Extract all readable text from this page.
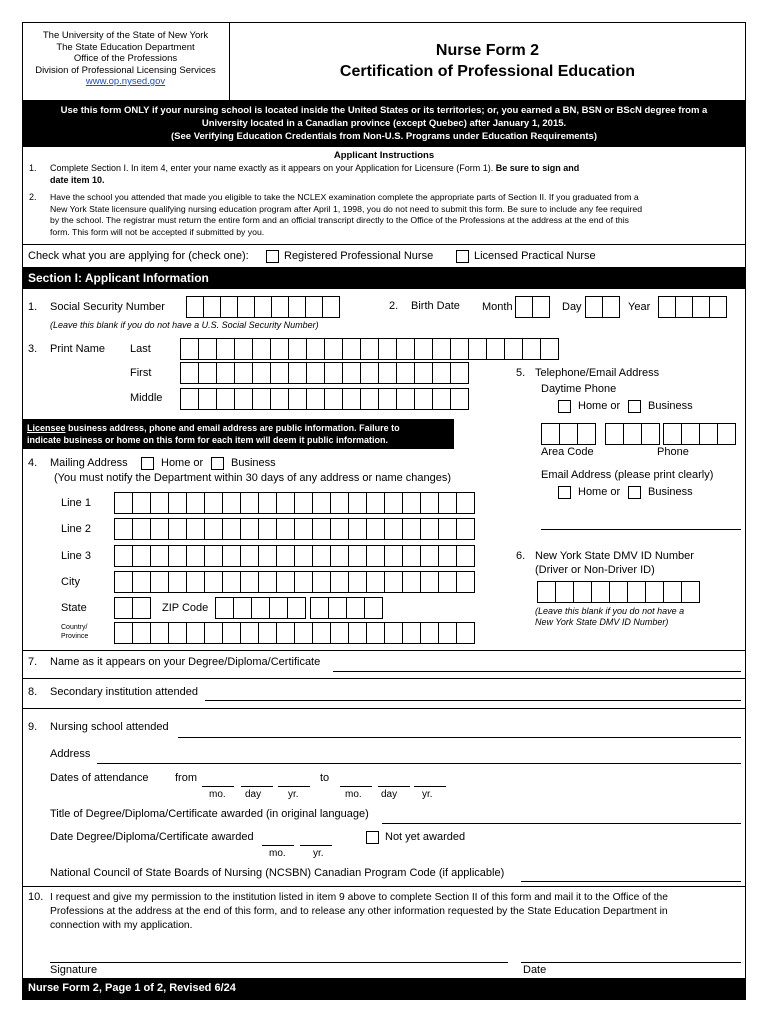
The University of the State of New York
The State Education Department
Office of the Professions
Division of Professional Licensing Services
www.op.nysed.gov
Nurse Form 2
Certification of Professional Education
Use this form ONLY if your nursing school is located inside the United States or its territories; or, you earned a BN, BSN or BScN degree from a
University located in a Canadian province (except Quebec) after January 1, 2015.
(See Verifying Education Credentials from Non-U.S. Programs under Education Requirements)
Applicant Instructions
1. Complete Section I. In item 4, enter your name exactly as it appears on your Application for Licensure (Form 1). Be sure to sign and
date item 10.
2. Have the school you attended that made you eligible to take the NCLEX examination complete the appropriate parts of Section II. If you graduated from a
New York State licensure qualifying nursing education program after April 1, 1998, you do not need to submit this form. Be sure to include any fee required
by the school. The registrar must return the entire form and an official transcript directly to the Office of the Professions at the address at the end of this
form. This form will not be accepted if submitted by you.
Check what you are applying for (check one):	Registered Professional Nurse	Licensed Practical Nurse
Section I: Applicant Information
1. Social Security Number
(Leave this blank if you do not have a U.S. Social Security Number)
2. Birth Date Month	Day	Year
3. Print Name Last
First
Middle
Licensee business address, phone and email address are public information. Failure to
indicate business or home on this form for each item will deem it public information.
4. Mailing Address	Home or	Business
(You must notify the Department within 30 days of any address or name changes)
Line 1
Line 2
Line 3
City
State	ZIP Code
Country/
Province
5. Telephone/Email Address
Daytime Phone
Home or	Business
Area Code	Phone
Email Address (please print clearly)
Home or	Business
6. New York State DMV ID Number
(Driver or Non-Driver ID)
(Leave this blank if you do not have a
New York State DMV ID Number)
7. Name as it appears on your Degree/Diploma/Certificate
8. Secondary institution attended
9. Nursing school attended
Address
Dates of attendance from
mo. day	yr.
to
mo. day yr.
Title of Degree/Diploma/Certificate awarded (in original language)
Date Degree/Diploma/Certificate awarded
mo.	yr.
Not yet awarded
National Council of State Boards of Nursing (NCSBN) Canadian Program Code (if applicable)
10. I request and give my permission to the institution listed in item 9 above to complete Section II of this form and mail it to the Office of the
Professions at the address at the end of this form, and to release any other information requested by the State Education Department in
connection with my application.
Signature	Date
Nurse Form 2, Page 1 of 2, Revised 6/24
